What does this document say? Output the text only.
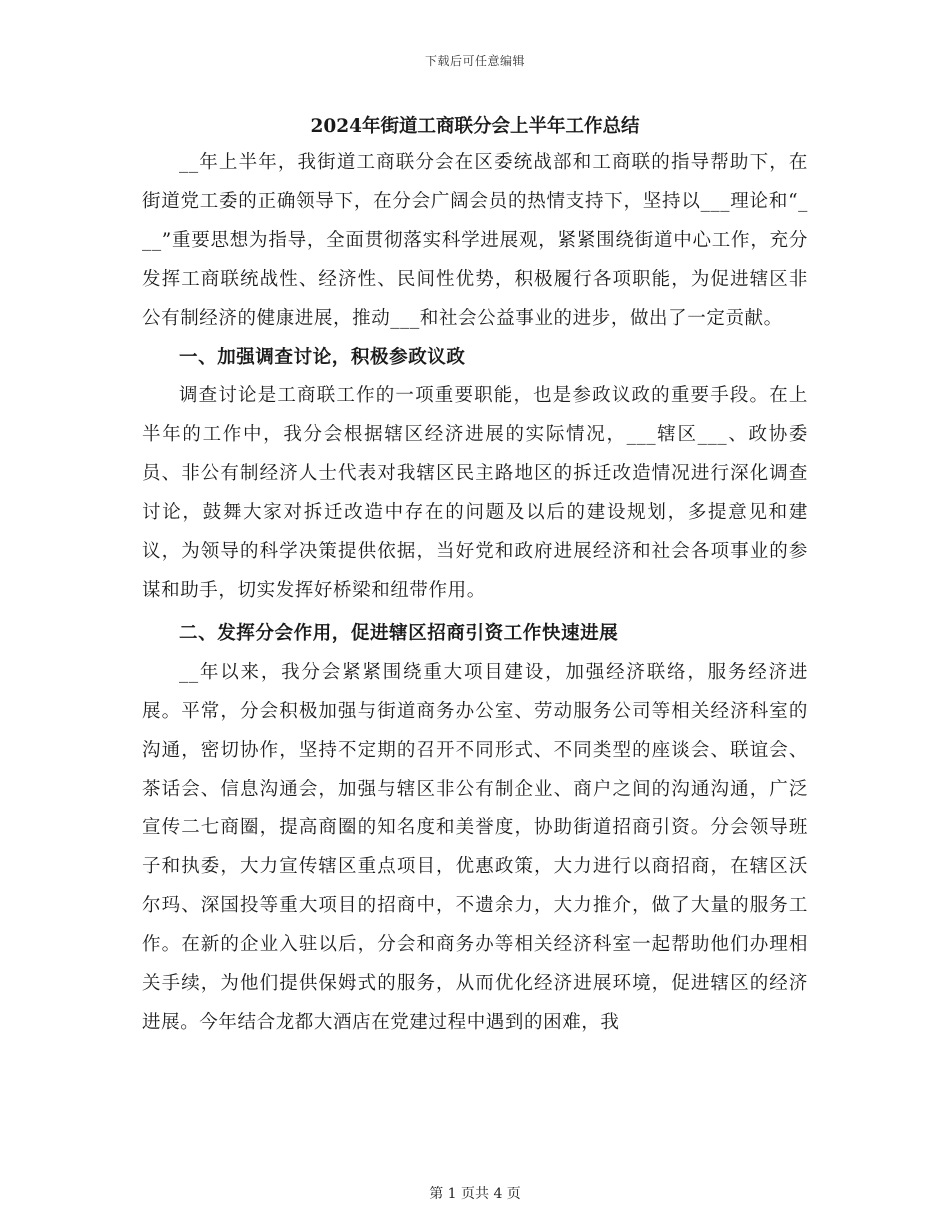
下载后可任意编辑
2024年街道工商联分会上半年工作总结

__年上半年，我街道工商联分会在区委统战部和工商联的指导帮助下，在街道党工委的正确领导下，在分会广阔会员的热情支持下，坚持以___理论和“___”重要思想为指导，全面贯彻落实科学进展观，紧紧围绕街道中心工作，充分发挥工商联统战性、经济性、民间性优势，积极履行各项职能，为促进辖区非公有制经济的健康进展，推动___和社会公益事业的进步，做出了一定贡献。

一、加强调查讨论，积极参政议政

调查讨论是工商联工作的一项重要职能，也是参政议政的重要手段。在上半年的工作中，我分会根据辖区经济进展的实际情况，___辖区___、政协委员、非公有制经济人士代表对我辖区民主路地区的拆迁改造情况进行深化调查讨论，鼓舞大家对拆迁改造中存在的问题及以后的建设规划，多提意见和建议，为领导的科学决策提供依据，当好党和政府进展经济和社会各项事业的参谋和助手，切实发挥好桥梁和纽带作用。

二、发挥分会作用，促进辖区招商引资工作快速进展

__年以来，我分会紧紧围绕重大项目建设，加强经济联络，服务经济进展。平常，分会积极加强与街道商务办公室、劳动服务公司等相关经济科室的沟通，密切协作，坚持不定期的召开不同形式、不同类型的座谈会、联谊会、茶话会、信息沟通会，加强与辖区非公有制企业、商户之间的沟通沟通，广泛宣传二七商圈，提高商圈的知名度和美誉度，协助街道招商引资。分会领导班子和执委，大力宣传辖区重点项目，优惠政策，大力进行以商招商，在辖区沃尔玛、深国投等重大项目的招商中，不遗余力，大力推介，做了大量的服务工作。在新的企业入驻以后，分会和商务办等相关经济科室一起帮助他们办理相关手续，为他们提供保姆式的服务，从而优化经济进展环境，促进辖区的经济进展。今年结合龙都大酒店在党建过程中遇到的困难，我

第 1 页共 4 页
